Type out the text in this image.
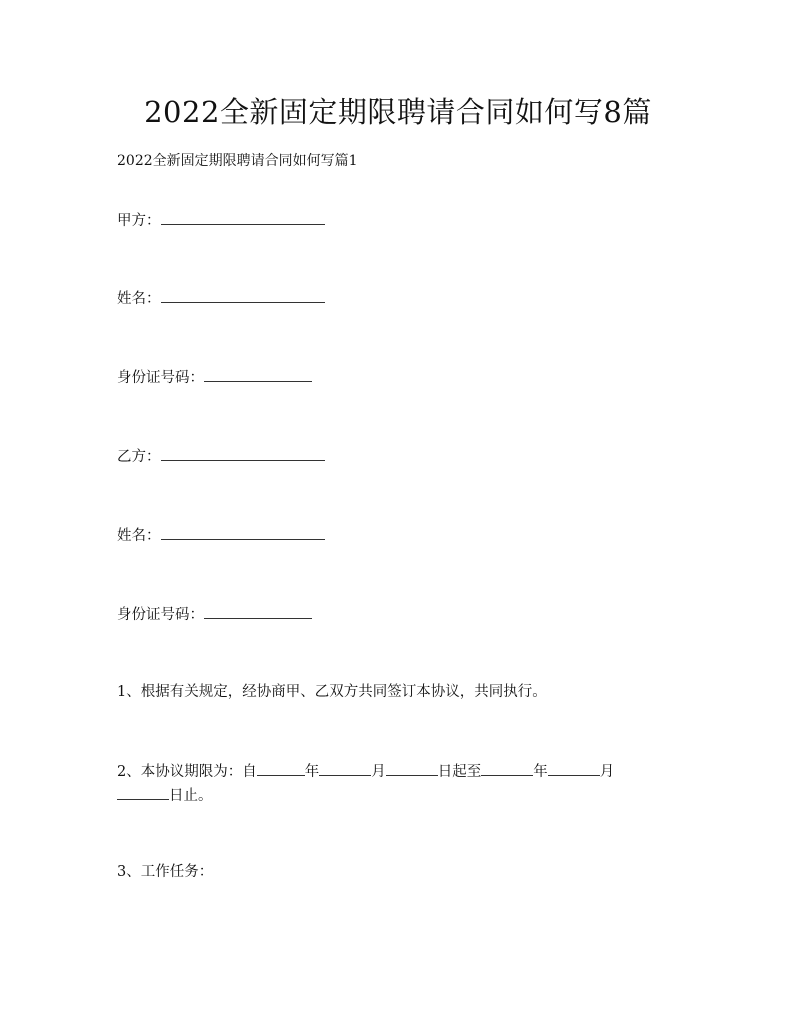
2022全新固定期限聘请合同如何写8篇
2022全新固定期限聘请合同如何写篇1
甲方：
姓名：
身份证号码：
乙方：
姓名：
身份证号码：
1、根据有关规定，经协商甲、乙双方共同签订本协议，共同执行。
2、本协议期限为：自	年	月	日起至	年	月
日止。
3、工作任务：
